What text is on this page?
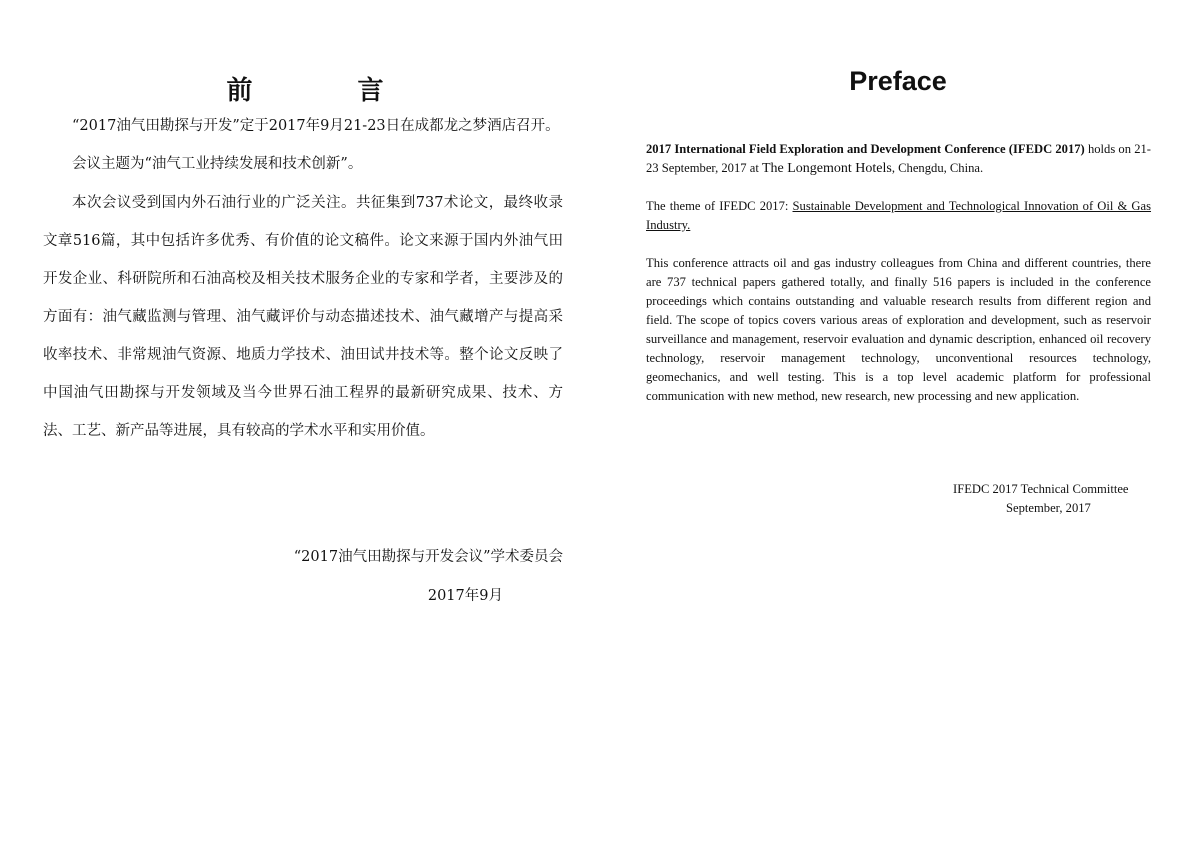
前 言

“2017油气田勘探与开发”定于2017年9月21-23日在成都龙之梦酒店召开。

会议主题为“油气工业持续发展和技术创新”。

本次会议受到国内外石油行业的广泛关注。共征集到737术论文，最终收录文章516篇，其中包括许多优秀、有价值的论文稿件。论文来源于国内外油气田开发企业、科研院所和石油高校及相关技术服务企业的专家和学者，主要涉及的方面有：油气藏监测与管理、油气藏评价与动态描述技术、油气藏增产与提高采收率技术、非常规油气资源、地质力学技术、油田试井技术等。整个论文反映了中国油气田勘探与开发领域及当今世界石油工程界的最新研究成果、技术、方法、工艺、新产品等进展，具有较高的学术水平和实用价值。

“2017油气田勘探与开发会议”学术委员会
2017年9月
Preface

2017 International Field Exploration and Development Conference (IFEDC 2017) holds on 21-23 September, 2017 at The Longemont Hotels, Chengdu, China.

The theme of IFEDC 2017: Sustainable Development and Technological Innovation of Oil & Gas Industry.

This conference attracts oil and gas industry colleagues from China and different countries, there are 737 technical papers gathered totally, and finally 516 papers is included in the conference proceedings which contains outstanding and valuable research results from different region and field. The scope of topics covers various areas of exploration and development, such as reservoir surveillance and management, reservoir evaluation and dynamic description, enhanced oil recovery technology, reservoir management technology, unconventional resources technology, geomechanics, and well testing. This is a top level academic platform for professional communication with new method, new research, new processing and new application.

IFEDC 2017 Technical Committee
September, 2017
